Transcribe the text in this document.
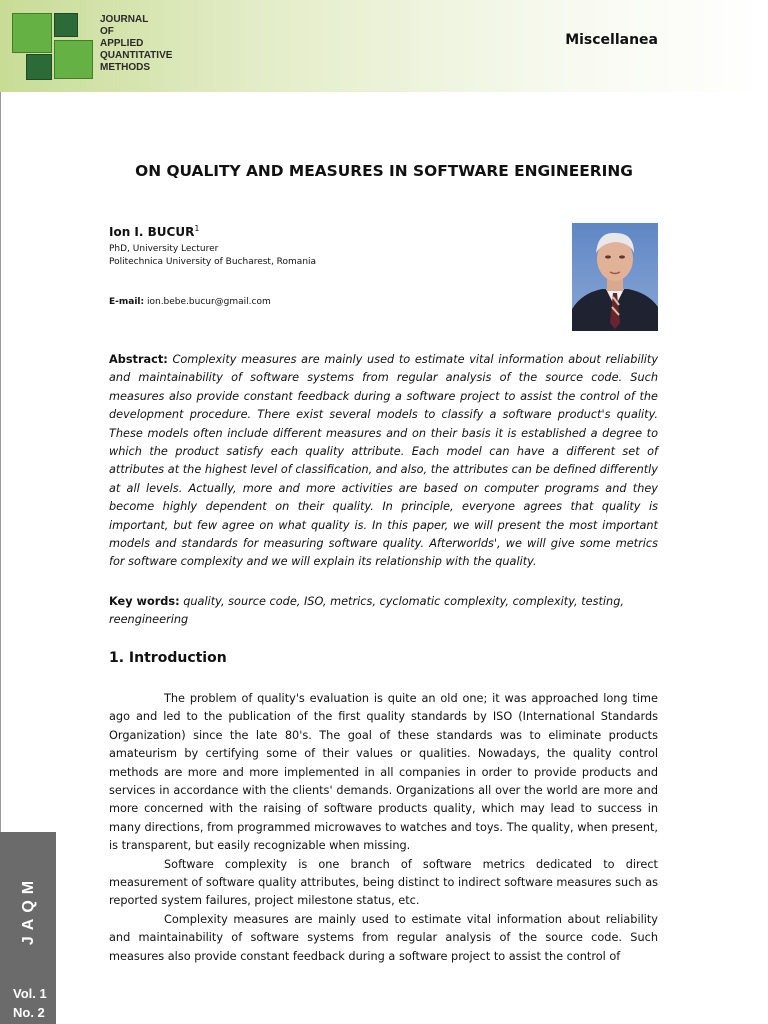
JOURNAL
OF
APPLIED
QUANTITATIVE
METHODS
Miscellanea
ON QUALITY AND MEASURES IN SOFTWARE ENGINEERING
Ion I. BUCUR$^1$
PhD, University Lecturer
Politechnica University of Bucharest, Romania
E-mail: ion.bebe.bucur@gmail.com
Abstract: Complexity measures are mainly used to estimate vital information about reliability and maintainability of software systems from regular analysis of the source code. Such measures also provide constant feedback during a software project to assist the control of the development procedure. There exist several models to classify a software product's quality. These models often include different measures and on their basis it is established a degree to which the product satisfy each quality attribute. Each model can have a different set of attributes at the highest level of classification, and also, the attributes can be defined differently at all levels. Actually, more and more activities are based on computer programs and they become highly dependent on their quality. In principle, everyone agrees that quality is important, but few agree on what quality is. In this paper, we will present the most important models and standards for measuring software quality. Afterworlds', we will give some metrics for software complexity and we will explain its relationship with the quality.
Key words: quality, source code, ISO, metrics, cyclomatic complexity, complexity, testing, reengineering
1. Introduction

The problem of quality's evaluation is quite an old one; it was approached long time ago and led to the publication of the first quality standards by ISO (International Standards Organization) since the late 80's. The goal of these standards was to eliminate products amateurism by certifying some of their values or qualities. Nowadays, the quality control methods are more and more implemented in all companies in order to provide products and services in accordance with the clients' demands. Organizations all over the world are more and more concerned with the raising of software products quality, which may lead to success in many directions, from programmed microwaves to watches and toys. The quality, when present, is transparent, but easily recognizable when missing.

Software complexity is one branch of software metrics dedicated to direct measurement of software quality attributes, being distinct to indirect software measures such as reported system failures, project milestone status, etc.

Complexity measures are mainly used to estimate vital information about reliability and maintainability of software systems from regular analysis of the source code. Such measures also provide constant feedback during a software project to assist the control of

JAQM
Vol. 1
No. 2
